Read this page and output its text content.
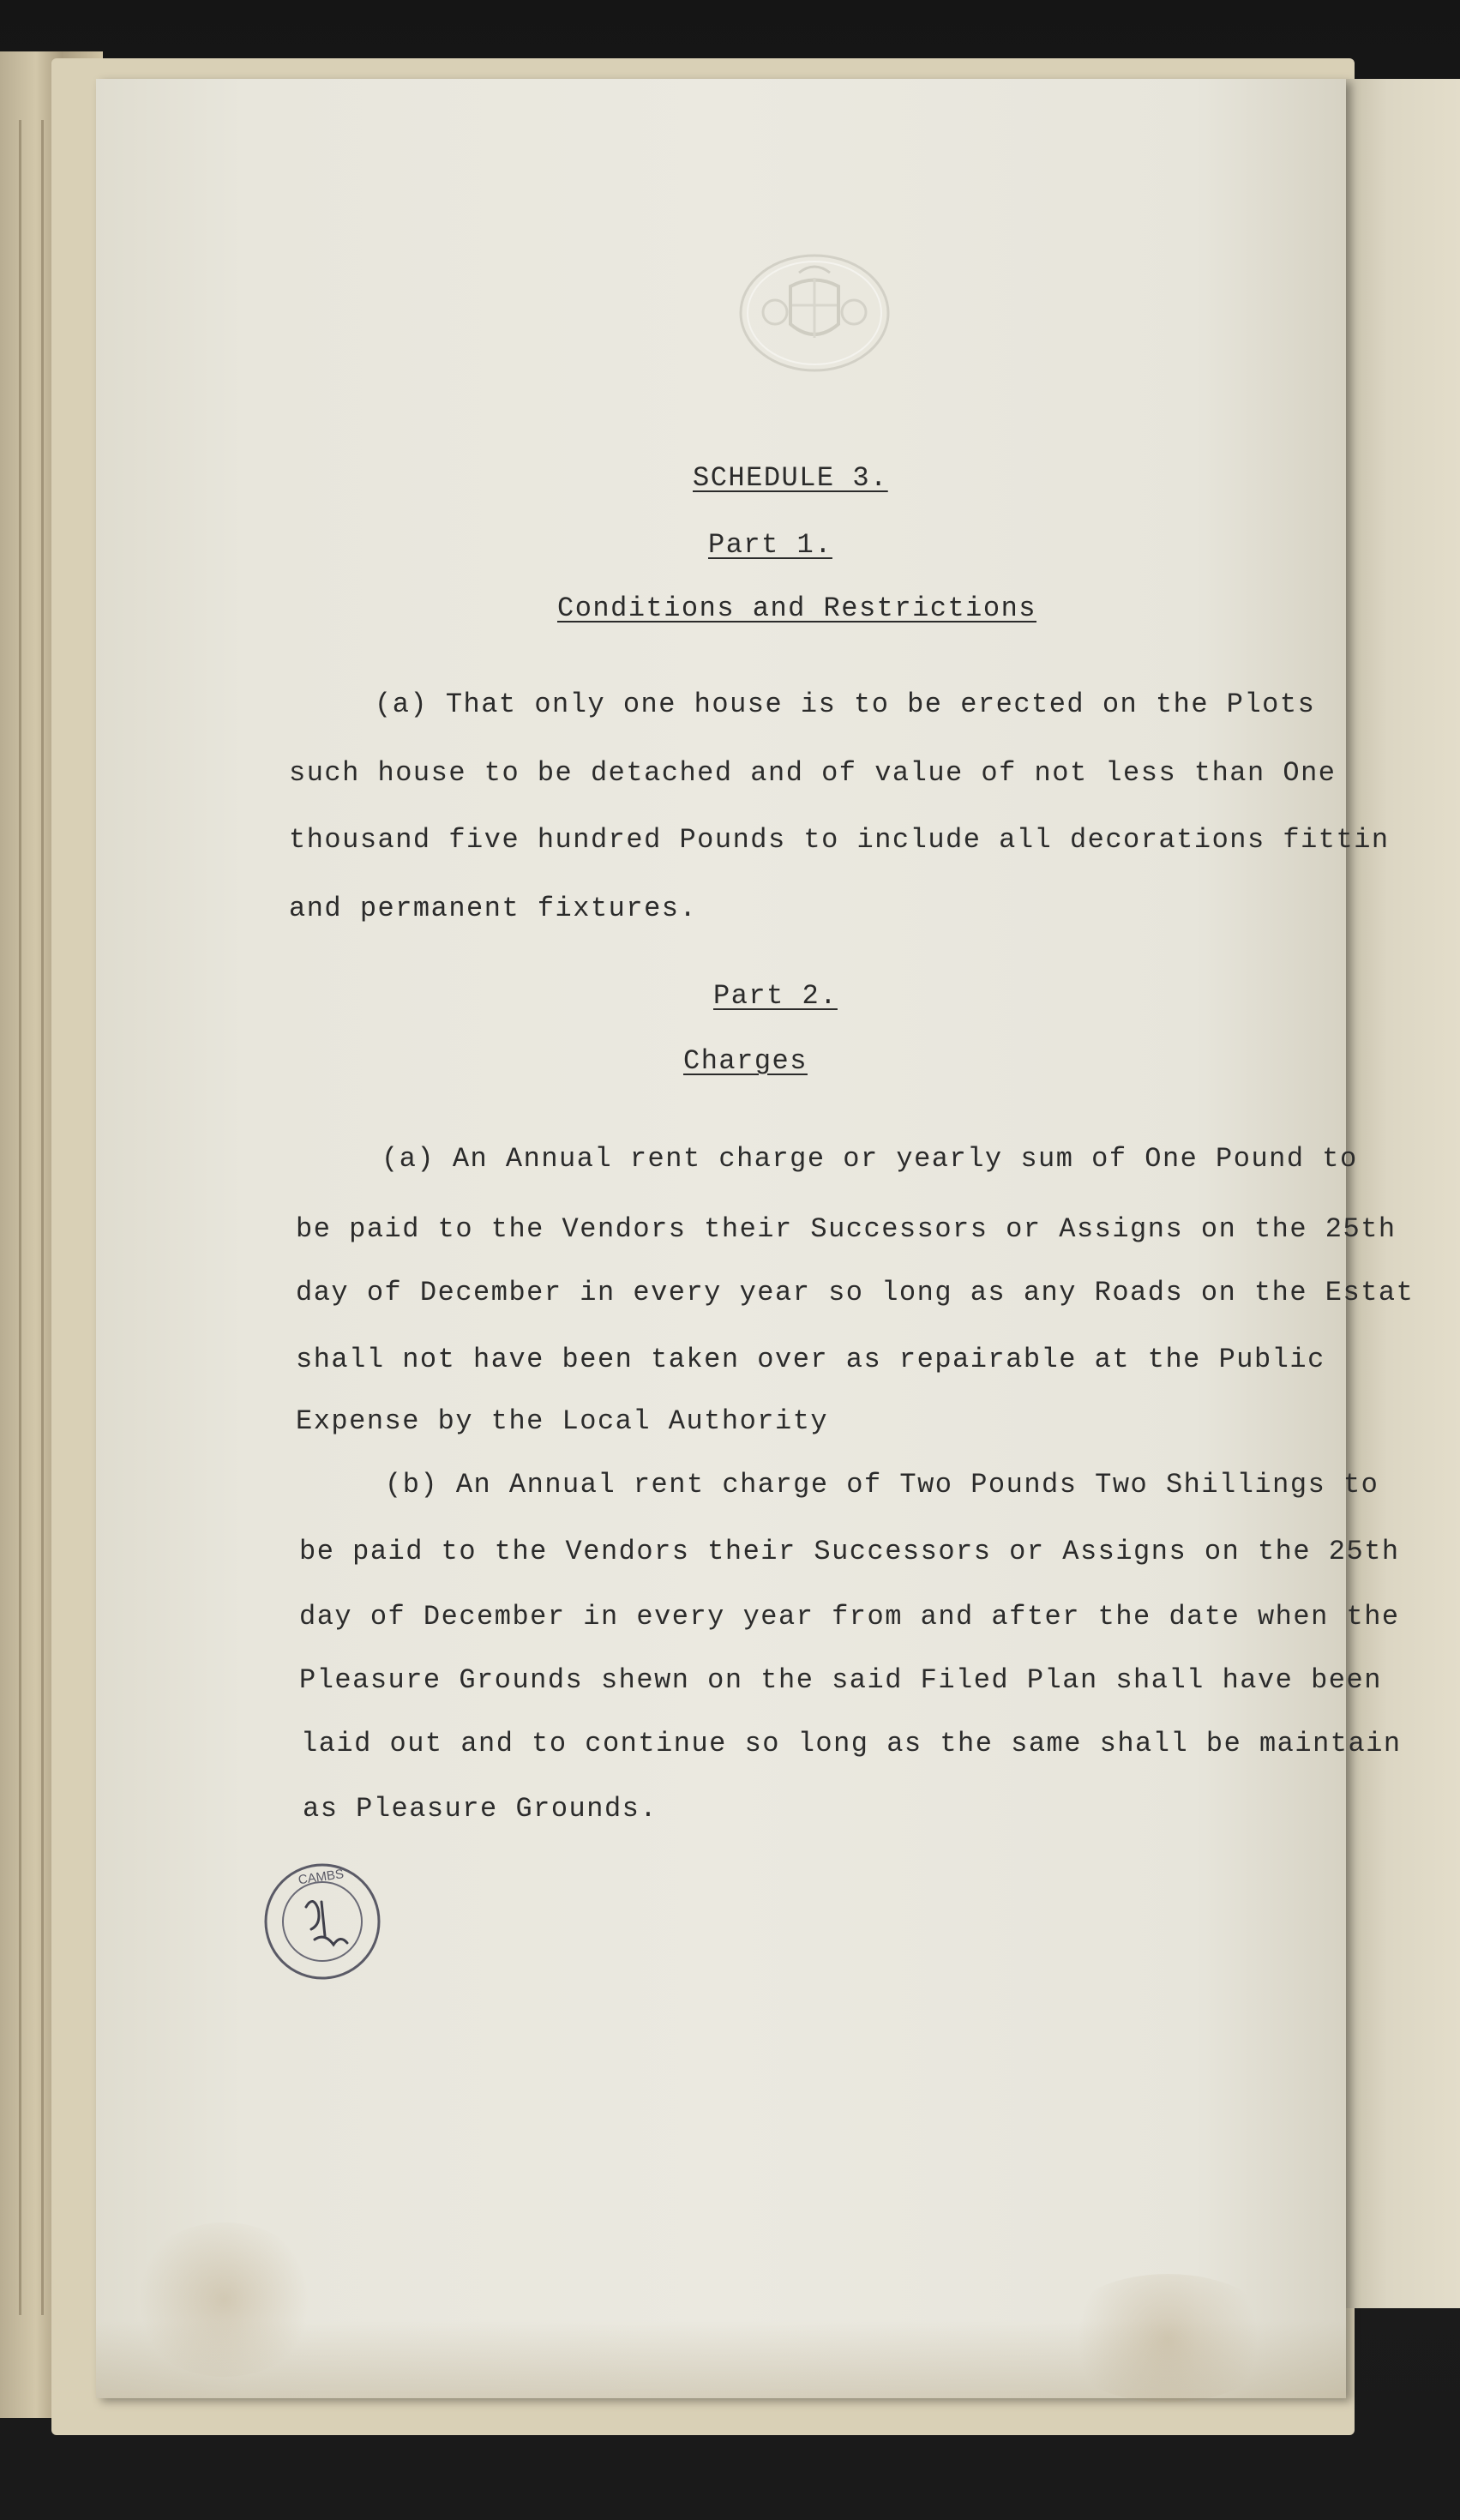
SCHEDULE 3.

Part 1.

Conditions and Restrictions

(a) That only one house is to be erected on the Plots

such house to be detached and of value of not less than One

thousand five hundred Pounds to include all decorations fittin

and permanent fixtures.

Part 2.

Charges

(a) An Annual rent charge or yearly sum of One Pound to

be paid to the Vendors their Successors or Assigns on the 25th

day of December in every year so long as any Roads on the Estat

shall not have been taken over as repairable at the Public

Expense by the Local Authority

(b) An Annual rent charge of Two Pounds Two Shillings to

be paid to the Vendors their Successors or Assigns on the 25th

day of December in every year from and after the date when the

Pleasure Grounds shewn on the said Filed Plan shall have been

laid out and to continue so long as the same shall be maintain

as Pleasure Grounds.

CAMBS
